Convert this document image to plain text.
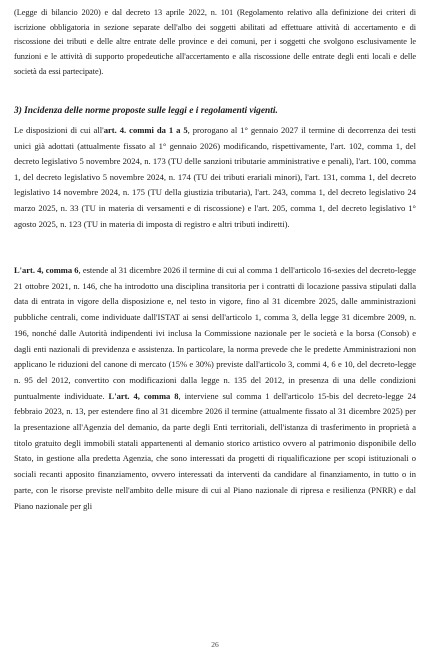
(Legge di bilancio 2020) e dal decreto 13 aprile 2022, n. 101 (Regolamento relativo alla definizione dei criteri di iscrizione obbligatoria in sezione separate dell'albo dei soggetti abilitati ad effettuare attività di accertamento e di riscossione dei tributi e delle altre entrate delle province e dei comuni, per i soggetti che svolgono esclusivamente le funzioni e le attività di supporto propedeutiche all'accertamento e alla riscossione delle entrate degli enti locali e delle società da essi partecipate).

3) Incidenza delle norme proposte sulle leggi e i regolamenti vigenti.

Le disposizioni di cui all'art. 4. commi da 1 a 5, prorogano al 1° gennaio 2027 il termine di decorrenza dei testi unici già adottati (attualmente fissato al 1° gennaio 2026) modificando, rispettivamente, l'art. 102, comma 1, del decreto legislativo 5 novembre 2024, n. 173 (TU delle sanzioni tributarie amministrative e penali), l'art. 100, comma 1, del decreto legislativo 5 novembre 2024, n. 174 (TU dei tributi erariali minori), l'art. 131, comma 1, del decreto legislativo 14 novembre 2024, n. 175 (TU della giustizia tributaria), l'art. 243, comma 1, del decreto legislativo 24 marzo 2025, n. 33 (TU in materia di versamenti e di riscossione) e l'art. 205, comma 1, del decreto legislativo 1° agosto 2025, n. 123 (TU in materia di imposta di registro e altri tributi indiretti).

L'art. 4, comma 6, estende al 31 dicembre 2026 il termine di cui al comma 1 dell'articolo 16-sexies del decreto-legge 21 ottobre 2021, n. 146, che ha introdotto una disciplina transitoria per i contratti di locazione passiva stipulati dalla data di entrata in vigore della disposizione e, nel testo in vigore, fino al 31 dicembre 2025, dalle amministrazioni pubbliche centrali, come individuate dall'ISTAT ai sensi dell'articolo 1, comma 3, della legge 31 dicembre 2009, n. 196, nonché dalle Autorità indipendenti ivi inclusa la Commissione nazionale per le società e la borsa (Consob) e dagli enti nazionali di previdenza e assistenza. In particolare, la norma prevede che le predette Amministrazioni non applicano le riduzioni del canone di mercato (15% e 30%) previste dall'articolo 3, commi 4, 6 e 10, del decreto-legge n. 95 del 2012, convertito con modificazioni dalla legge n. 135 del 2012, in presenza di una delle condizioni puntualmente individuate. L'art. 4, comma 8, interviene sul comma 1 dell'articolo 15-bis del decreto-legge 24 febbraio 2023, n. 13, per estendere fino al 31 dicembre 2026 il termine (attualmente fissato al 31 dicembre 2025) per la presentazione all'Agenzia del demanio, da parte degli Enti territoriali, dell'istanza di trasferimento in proprietà a titolo gratuito degli immobili statali appartenenti al demanio storico artistico ovvero al patrimonio disponibile dello Stato, in gestione alla predetta Agenzia, che sono interessati da progetti di riqualificazione per scopi istituzionali o sociali recanti apposito finanziamento, ovvero interessati da interventi da candidare al finanziamento, in tutto o in parte, con le risorse previste nell'ambito delle misure di cui al Piano nazionale di ripresa e resilienza (PNRR) e dal Piano nazionale per gli

26
